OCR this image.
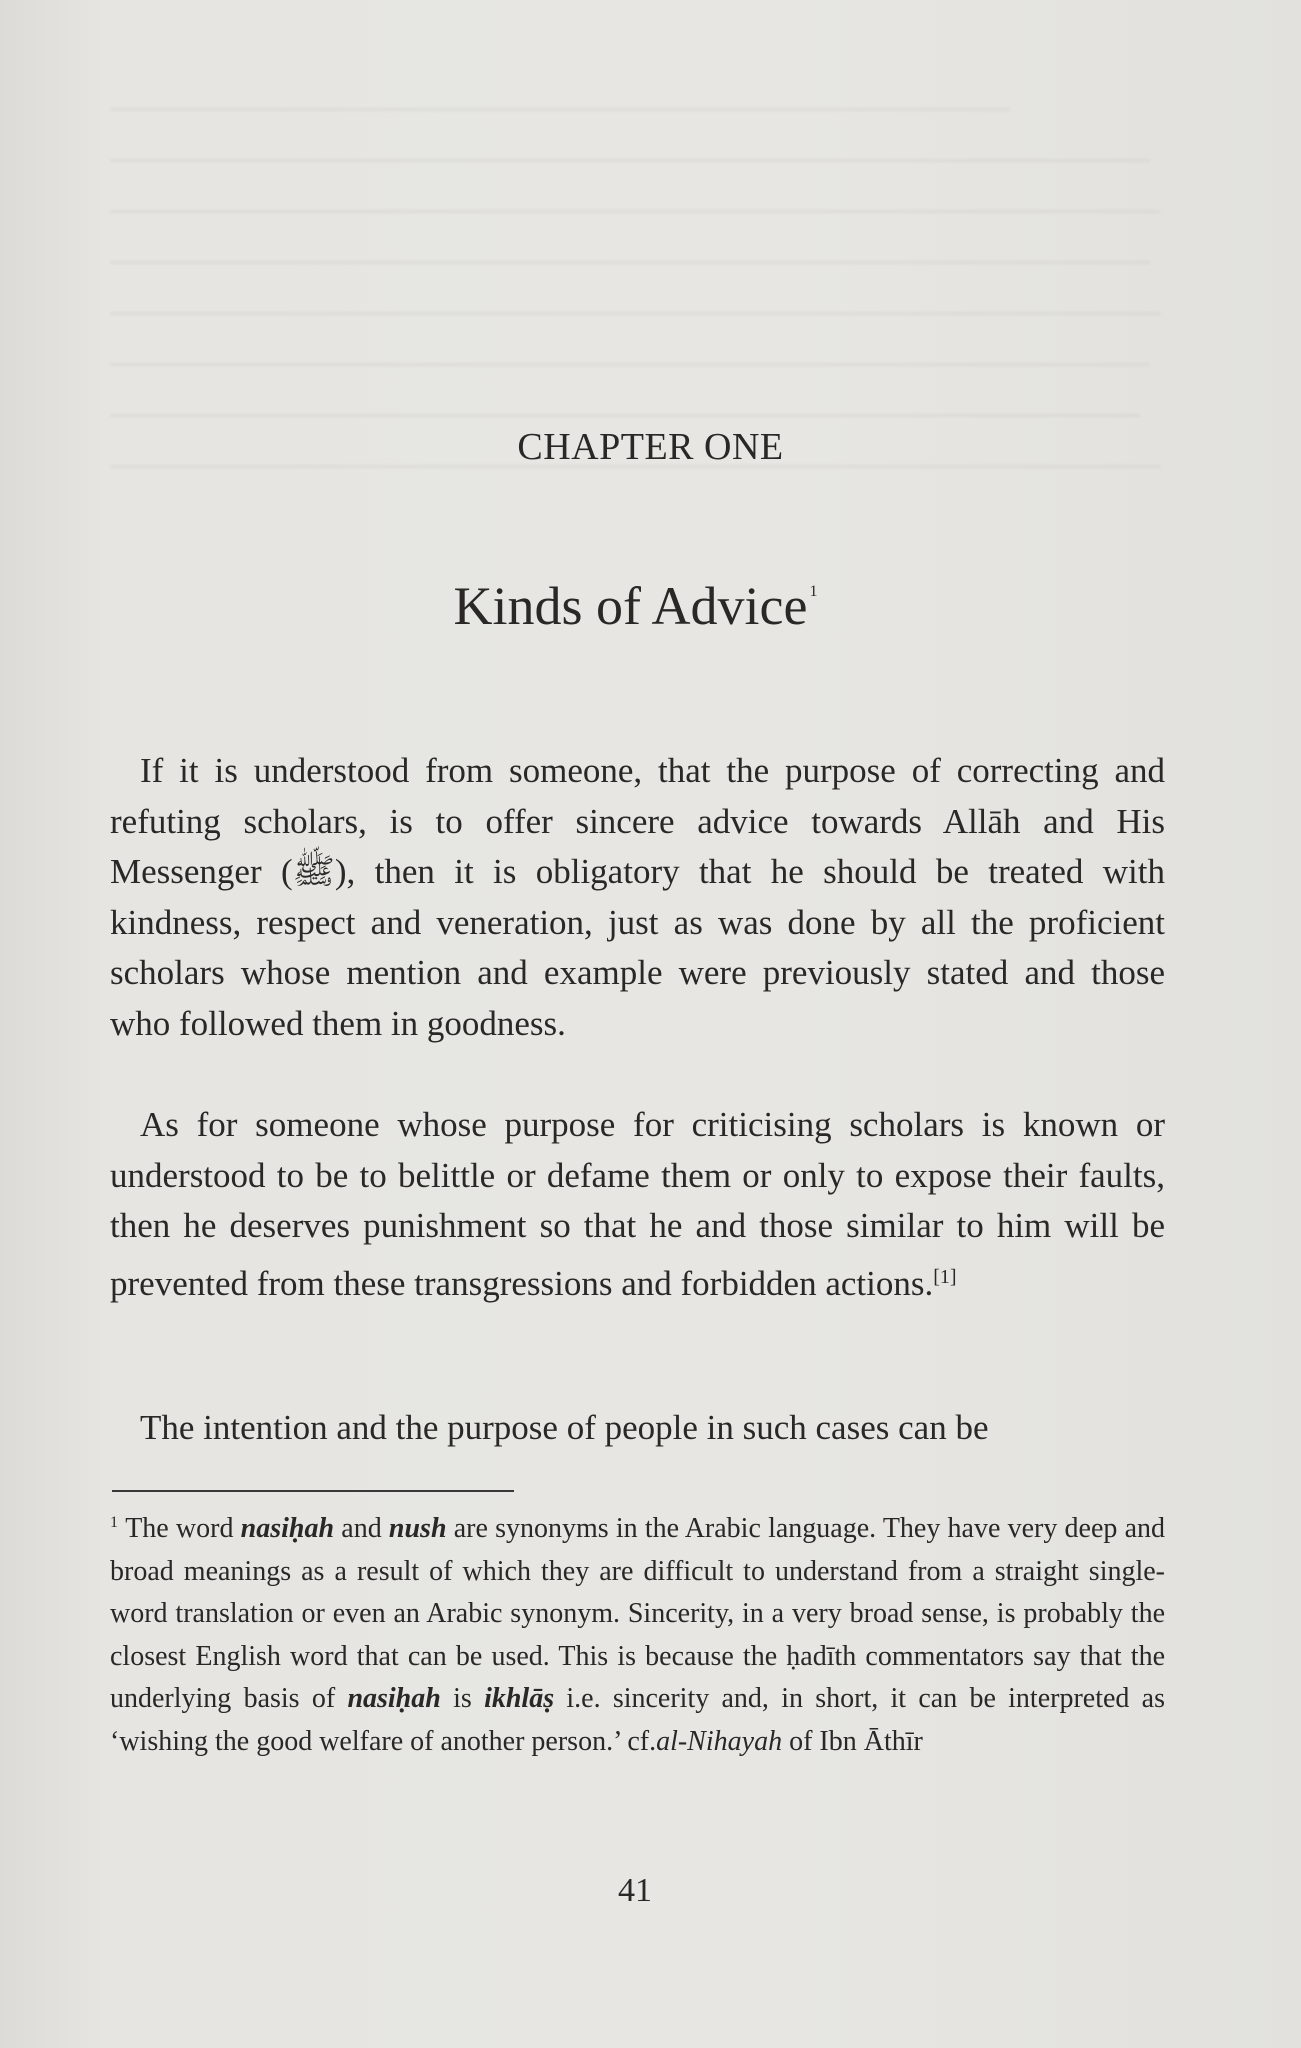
CHAPTER ONE
Kinds of Advice $^1$

If it is understood from someone, that the purpose of correcting and refuting scholars, is to offer sincere advice towards Allāh and His Messenger (ﷺ), then it is obligatory that he should be treated with kindness, respect and veneration, just as was done by all the proficient scholars whose mention and example were previously stated and those who followed them in goodness.

As for someone whose purpose for criticising scholars is known or understood to be to belittle or defame them or only to expose their faults, then he deserves punishment so that he and those similar to him will be prevented from these transgressions and forbidden actions.[1]

The intention and the purpose of people in such cases can be

$^1$ The word nasiḥah and nush are synonyms in the Arabic language. They have very deep and broad meanings as a result of which they are difficult to understand from a straight single-word translation or even an Arabic synonym. Sincerity, in a very broad sense, is probably the closest English word that can be used. This is because the ḥadīth commentators say that the underlying basis of nasiḥah is ikhlāṣ i.e. sincerity and, in short, it can be interpreted as ‘wishing the good welfare of another person.’ cf.al-Nihayah of Ibn Āthīr

41
